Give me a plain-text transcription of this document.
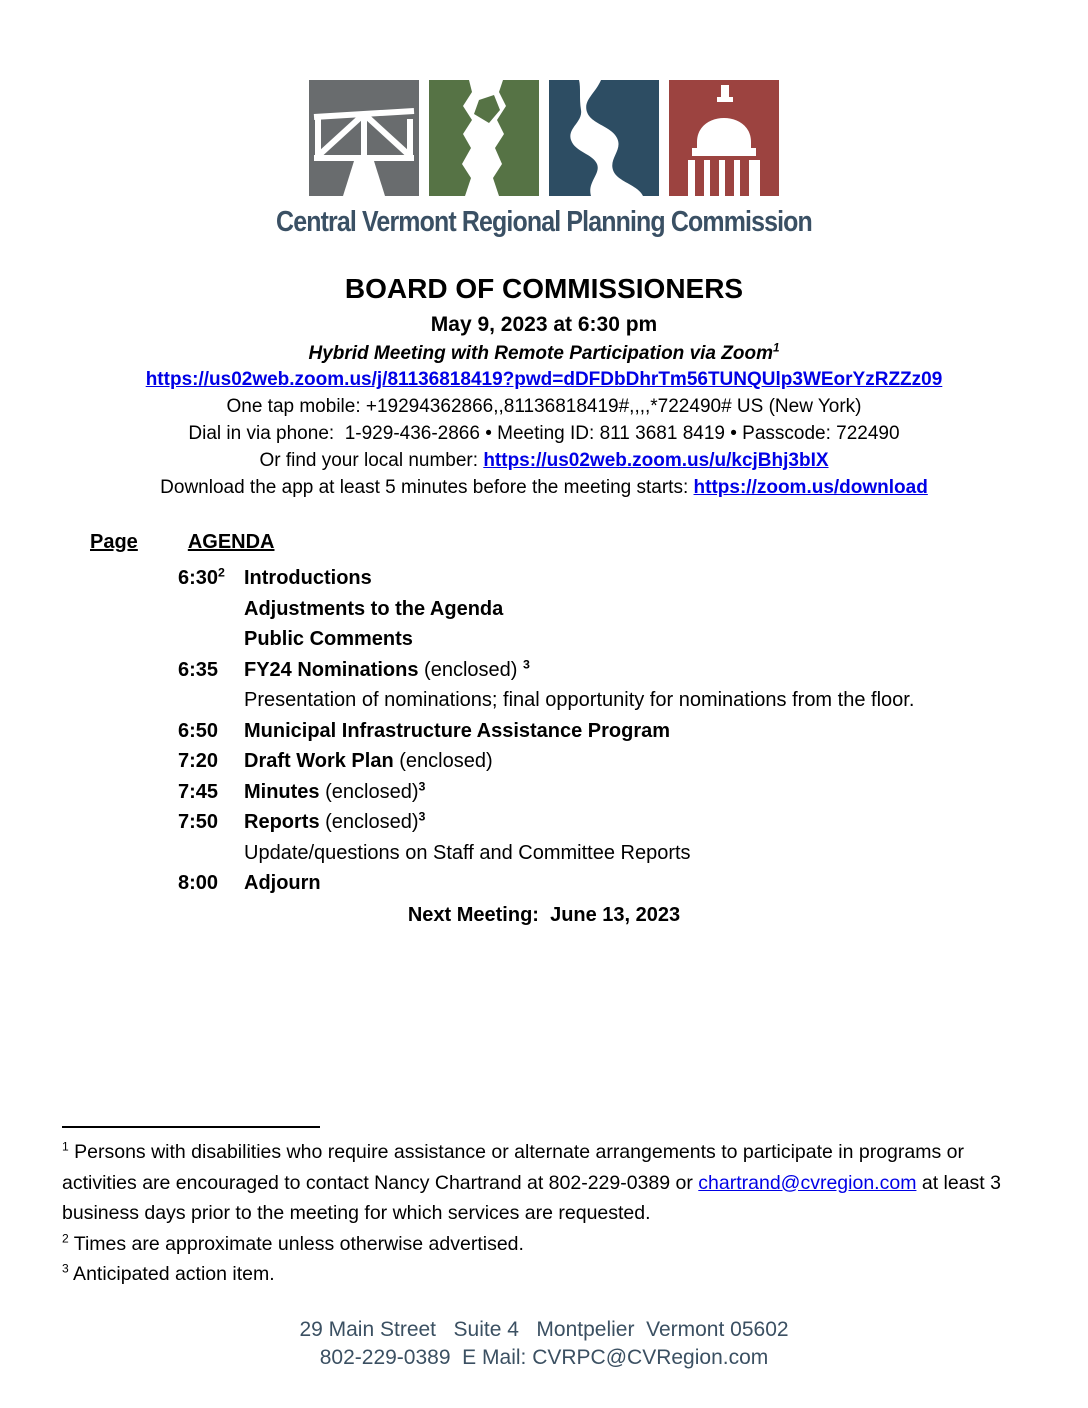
Central Vermont Regional Planning Commission
BOARD OF COMMISSIONERS
May 9, 2023 at 6:30 pm
Hybrid Meeting with Remote Participation via Zoom$^1$
https://us02web.zoom.us/j/81136818419?pwd=dDFDbDhrTm56TUNQUlp3WEorYzRZZz09
One tap mobile: +19294362866,,81136818419#,,,,*722490# US (New York)
Dial in via phone:  1-929-436-2866 • Meeting ID: 811 3681 8419 • Passcode: 722490
Or find your local number: https://us02web.zoom.us/u/kcjBhj3bIX
Download the app at least 5 minutes before the meeting starts: https://zoom.us/download
Page	AGENDA
$6:30^2$ Introductions
Adjustments to the Agenda
Public Comments
6:35	FY24 Nominations (enclosed) $^3$
Presentation of nominations; final opportunity for nominations from the floor.
6:50	Municipal Infrastructure Assistance Program
7:20	Draft Work Plan (enclosed)
7:45	Minutes (enclosed)$^3$
7:50	Reports (enclosed)$^3$
Update/questions on Staff and Committee Reports
8:00	Adjourn
Next Meeting:  June 13, 2023
$^1$ Persons with disabilities who require assistance or alternate arrangements to participate in programs or activities are encouraged to contact Nancy Chartrand at 802-229-0389 or chartrand@cvregion.com at least 3 business days prior to the meeting for which services are requested.
$^2$ Times are approximate unless otherwise advertised.
$^3$ Anticipated action item.
29 Main Street   Suite 4   Montpelier  Vermont 05602
802-229-0389  E Mail: CVRPC@CVRegion.com
